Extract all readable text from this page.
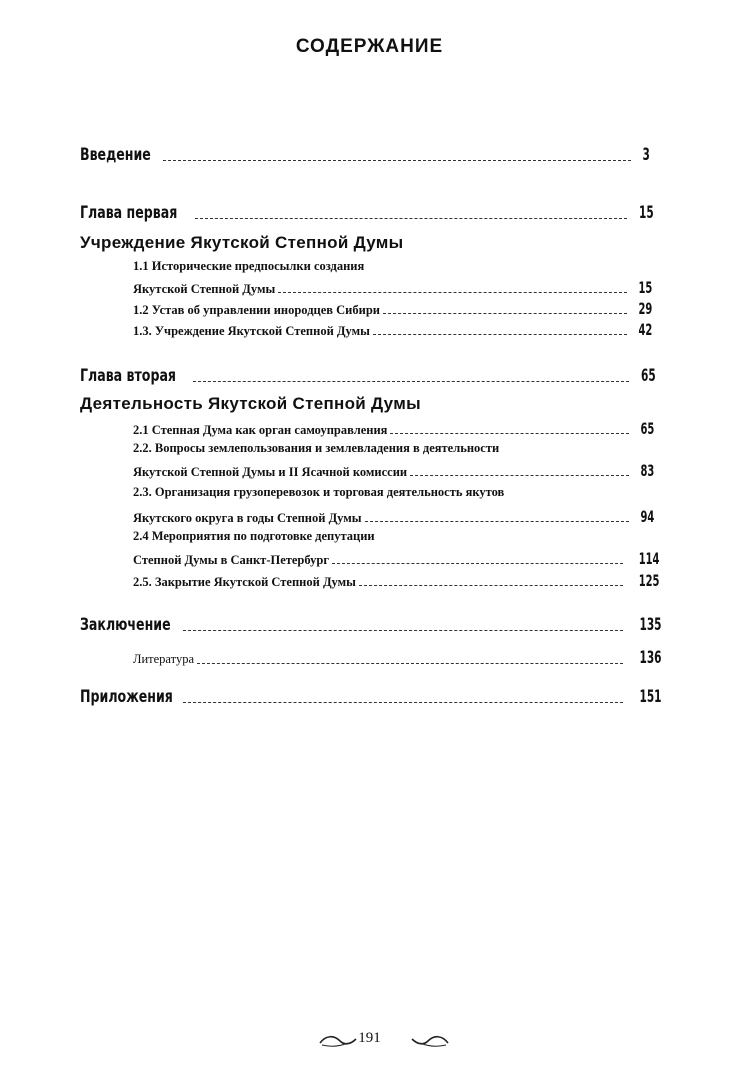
СОДЕРЖАНИЕ
Введение	3
Глава первая	15
Учреждение Якутской Степной Думы
1.1 Исторические предпосылки создания
Якутской Степной Думы	15
1.2 Устав об управлении инородцев Сибири	29
1.3. Учреждение Якутской Степной Думы	42
Глава вторая	65
Деятельность Якутской Степной Думы
2.1 Степная Дума как орган самоуправления	65
2.2. Вопросы землепользования и землевладения в деятельности
Якутской Степной Думы и II Ясачной комиссии	83
2.3. Организация грузоперевозок и торговая деятельность якутов
Якутского округа в годы Степной Думы	94
2.4 Мероприятия по подготовке депутации
Степной Думы в Санкт-Петербург	114
2.5. Закрытие Якутской Степной Думы	125
Заключение	135
Литература	136
Приложения	151
191
